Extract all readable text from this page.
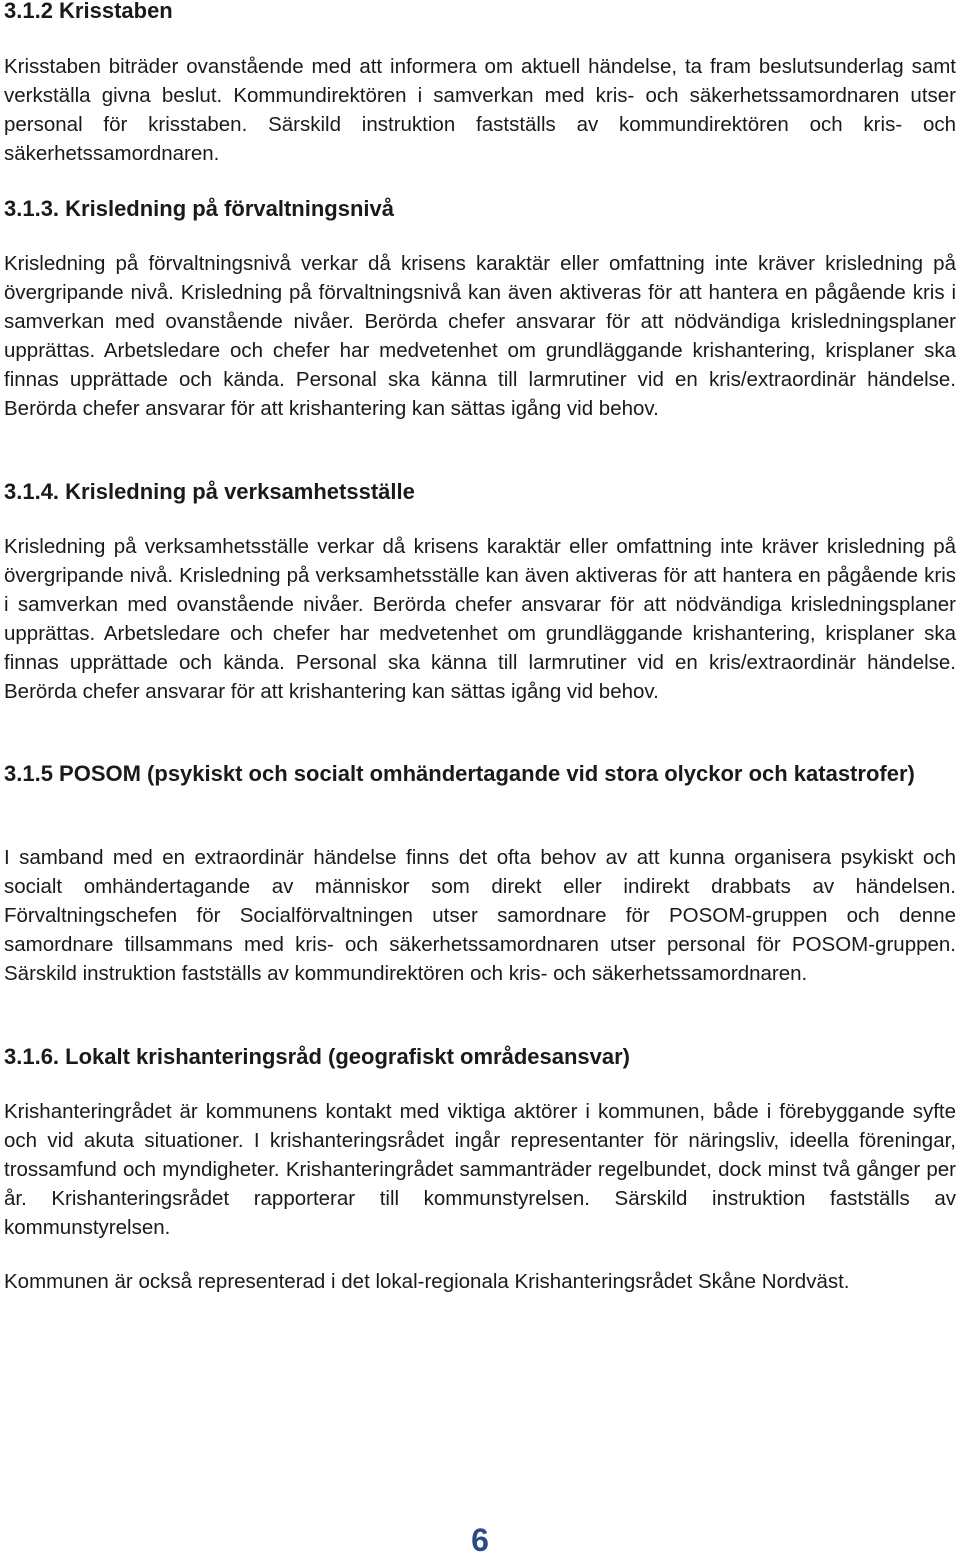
3.1.2 Krisstaben

Krisstaben biträder ovanstående med att informera om aktuell händelse, ta fram beslutsunderlag samt verkställa givna beslut. Kommundirektören i samverkan med kris- och säkerhetssamordnaren utser personal för krisstaben. Särskild instruktion fastställs av kommundirektören och kris- och säkerhetssamordnaren.

3.1.3. Krisledning på förvaltningsnivå

Krisledning på förvaltningsnivå verkar då krisens karaktär eller omfattning inte kräver krisledning på övergripande nivå. Krisledning på förvaltningsnivå kan även aktiveras för att hantera en pågående kris i samverkan med ovanstående nivåer. Berörda chefer ansvarar för att nödvändiga krisledningsplaner upprättas. Arbetsledare och chefer har medvetenhet om grundläggande krishantering, krisplaner ska finnas upprättade och kända. Personal ska känna till larmrutiner vid en kris/extraordinär händelse. Berörda chefer ansvarar för att krishantering kan sättas igång vid behov.

3.1.4. Krisledning på verksamhetsställe

Krisledning på verksamhetsställe verkar då krisens karaktär eller omfattning inte kräver krisledning på övergripande nivå. Krisledning på verksamhetsställe kan även aktiveras för att hantera en pågående kris i samverkan med ovanstående nivåer. Berörda chefer ansvarar för att nödvändiga krisledningsplaner upprättas. Arbetsledare och chefer har medvetenhet om grundläggande krishantering, krisplaner ska finnas upprättade och kända. Personal ska känna till larmrutiner vid en kris/extraordinär händelse. Berörda chefer ansvarar för att krishantering kan sättas igång vid behov.

3.1.5 POSOM (psykiskt och socialt omhändertagande vid stora olyckor och katastrofer)

I samband med en extraordinär händelse finns det ofta behov av att kunna organisera psykiskt och socialt omhändertagande av människor som direkt eller indirekt drabbats av händelsen. Förvaltningschefen för Socialförvaltningen utser samordnare för POSOM-gruppen och denne samordnare tillsammans med kris- och säkerhetssamordnaren utser personal för POSOM-gruppen. Särskild instruktion fastställs av kommundirektören och kris- och säkerhetssamordnaren.

3.1.6. Lokalt krishanteringsråd (geografiskt områdesansvar)

Krishanteringrådet är kommunens kontakt med viktiga aktörer i kommunen, både i förebyggande syfte och vid akuta situationer. I krishanteringsrådet ingår representanter för näringsliv, ideella föreningar, trossamfund och myndigheter. Krishanteringrådet sammanträder regelbundet, dock minst två gånger per år. Krishanteringsrådet rapporterar till kommunstyrelsen. Särskild instruktion fastställs av kommunstyrelsen.

Kommunen är också representerad i det lokal-regionala Krishanteringsrådet Skåne Nordväst.

6
